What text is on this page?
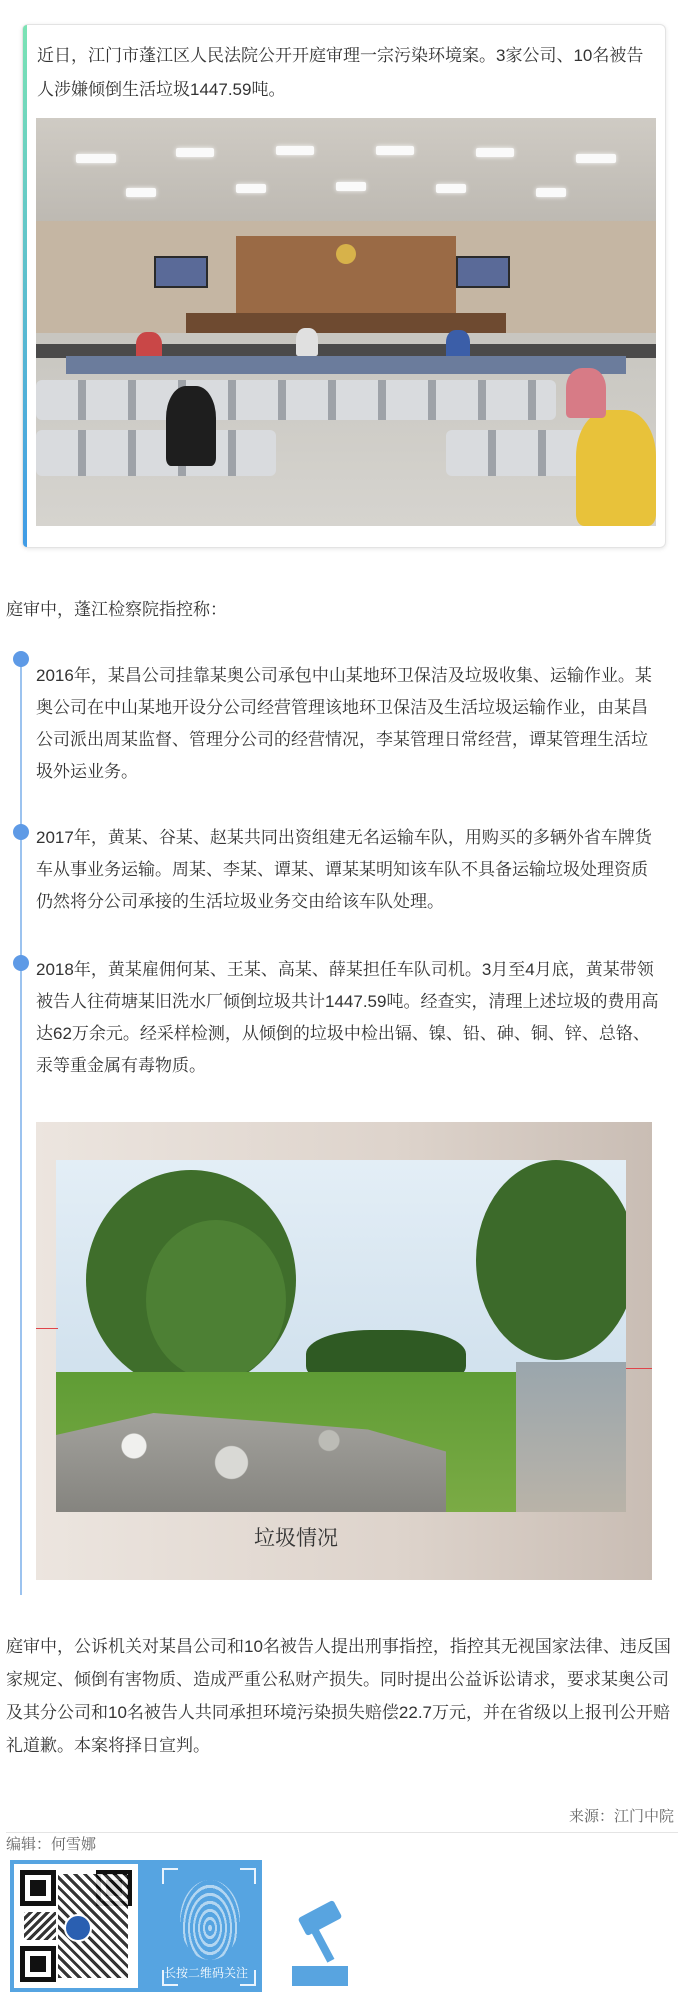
近日，江门市蓬江区人民法院公开开庭审理一宗污染环境案。3家公司、10名被告人涉嫌倾倒生活垃圾1447.59吨。
庭审中，蓬江检察院指控称：
2016年，某昌公司挂靠某奥公司承包中山某地环卫保洁及垃圾收集、运输作业。某奥公司在中山某地开设分公司经营管理该地环卫保洁及生活垃圾运输作业，由某昌公司派出周某监督、管理分公司的经营情况，李某管理日常经营，谭某管理生活垃圾外运业务。
2017年，黄某、谷某、赵某共同出资组建无名运输车队，用购买的多辆外省车牌货车从事业务运输。周某、李某、谭某、谭某某明知该车队不具备运输垃圾处理资质仍然将分公司承接的生活垃圾业务交由给该车队处理。
2018年，黄某雇佣何某、王某、高某、薛某担任车队司机。3月至4月底，黄某带领被告人往荷塘某旧洗水厂倾倒垃圾共计1447.59吨。经查实，清理上述垃圾的费用高达62万余元。经采样检测，从倾倒的垃圾中检出镉、镍、铅、砷、铜、锌、总铬、汞等重金属有毒物质。
垃圾情况
庭审中，公诉机关对某昌公司和10名被告人提出刑事指控，指控其无视国家法律、违反国家规定、倾倒有害物质、造成严重公私财产损失。同时提出公益诉讼请求，要求某奥公司及其分公司和10名被告人共同承担环境污染损失赔偿22.7万元，并在省级以上报刊公开赔礼道歉。本案将择日宣判。
来源：江门中院
编辑：何雪娜
长按二维码关注
